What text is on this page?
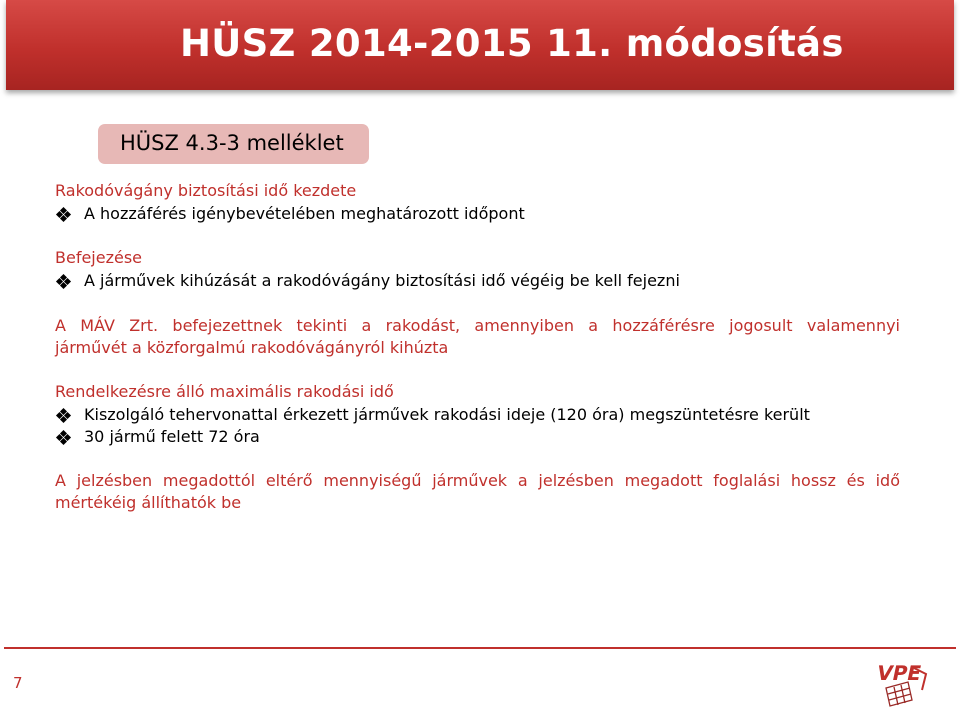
HÜSZ 2014-2015 11. módosítás
HÜSZ 4.3-3 melléklet
Rakodóvágány biztosítási idő kezdete
A hozzáférés igénybevételében meghatározott időpont
Befejezése
A járművek kihúzását a rakodóvágány biztosítási idő végéig be kell fejezni
A MÁV Zrt. befejezettnek tekinti a rakodást, amennyiben a hozzáférésre jogosult valamennyi
járművét a közforgalmú rakodóvágányról kihúzta
Rendelkezésre álló maximális rakodási idő
Kiszolgáló tehervonattal érkezett járművek rakodási ideje (120 óra) megszüntetésre került
30 jármű felett 72 óra
A jelzésben megadottól eltérő mennyiségű járművek a jelzésben megadott foglalási hossz és idő
mértékéig állíthatók be
7	VPE
